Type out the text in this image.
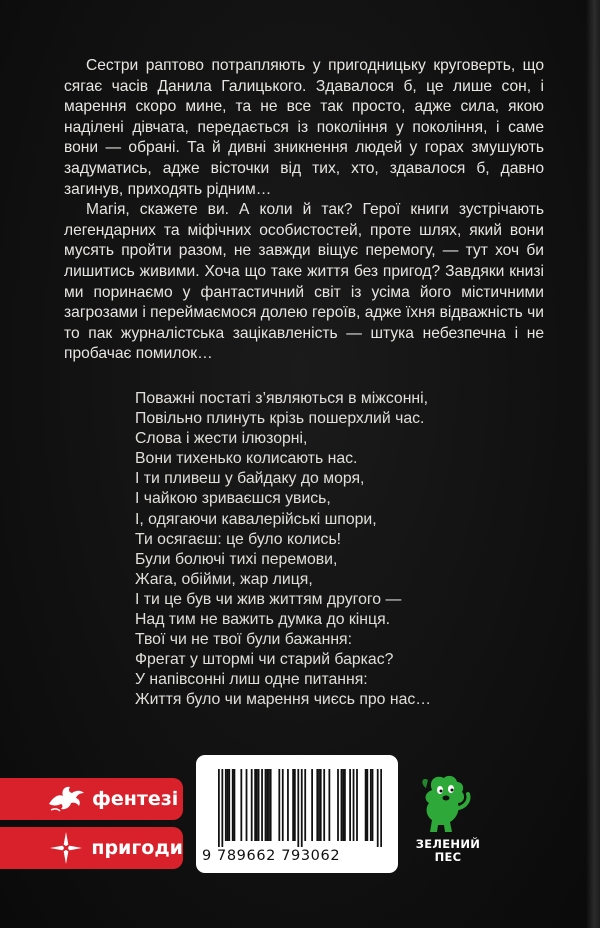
Сестри раптово потрапляють у пригодницьку круговерть, що сягає часів Данила Галицького. Здавалося б, це лише сон, і марення скоро мине, та не все так просто, адже сила, якою наділені дівчата, передається із покоління у покоління, і саме вони — обрані. Та й дивні зникнення людей у горах змушують задуматись, адже вісточки від тих, хто, здавалося б, давно загинув, приходять рідним…

Магія, скажете ви. А коли й так? Герої книги зустрічають легендарних та міфічних особистостей, проте шлях, який вони мусять пройти разом, не завжди віщує перемогу, — тут хоч би лишитись живими. Хоча що таке життя без пригод? Завдяки книзі ми поринаємо у фантастичний світ із усіма його містичними загрозами і переймаємося долею героїв, адже їхня відважність чи то пак журналістська зацікавленість — штука небезпечна і не пробачає помилок…

Поважні постаті з’являються в міжсонні,
Повільно плинуть крізь пошерхлий час.
Слова і жести ілюзорні,
Вони тихенько колисають нас.
І ти пливеш у байдаку до моря,
І чайкою зриваєшся увись,
І, одягаючи кавалерійські шпори,
Ти осягаєш: це було колись!
Були болючі тихі перемови,
Жага, обійми, жар лиця,
І ти це був чи жив життям другого —
Над тим не важить думка до кінця.
Твої чи не твої були бажання:
Фрегат у штормі чи старий баркас?
У напівсонні лиш одне питання:
Життя було чи марення чиєсь про нас…
фентезі
пригоди 9 789662 793062
ЗЕЛЕНИЙ
ПЕС
